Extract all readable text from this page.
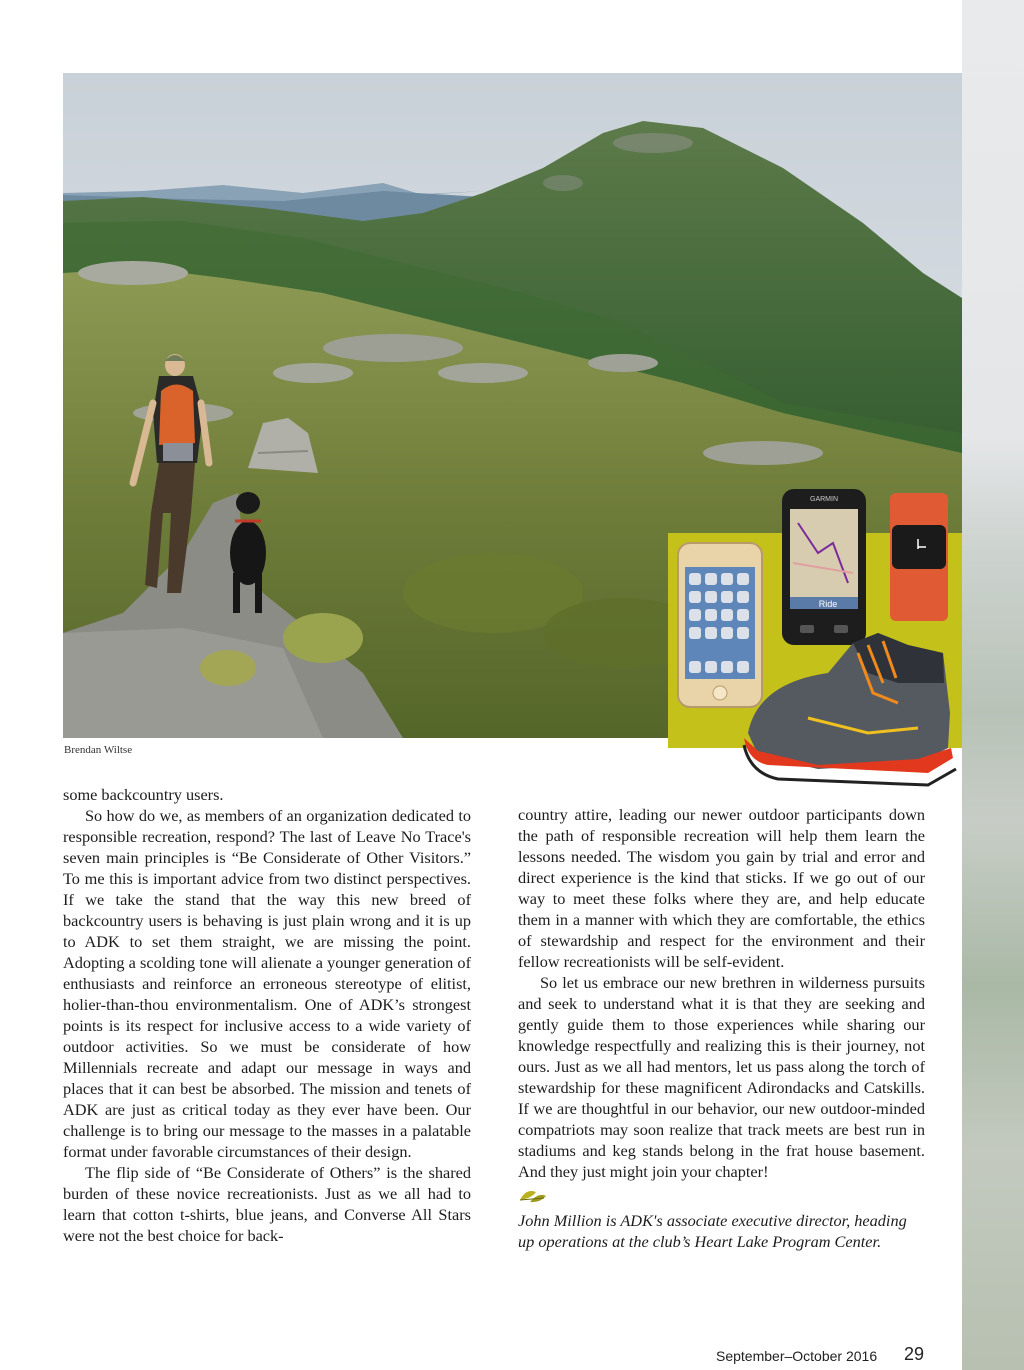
Brendan Wiltse
Ride
GARMIN

some backcountry users.

So how do we, as members of an organization dedicated to responsible recreation, respond? The last of Leave No Trace's seven main principles is “Be Considerate of Other Visitors.” To me this is important advice from two distinct perspectives. If we take the stand that the way this new breed of backcountry users is behaving is just plain wrong and it is up to ADK to set them straight, we are missing the point. Adopting a scolding tone will alienate a younger generation of enthusiasts and reinforce an erroneous stereotype of elitist, holier-than-thou environmentalism. One of ADK’s strongest points is its respect for inclusive access to a wide variety of outdoor activities. So we must be considerate of how Millennials recreate and adapt our message in ways and places that it can best be absorbed. The mission and tenets of ADK are just as critical today as they ever have been. Our challenge is to bring our message to the masses in a palatable format under favorable circumstances of their design.

The flip side of “Be Considerate of Others” is the shared burden of these novice recreationists. Just as we all had to learn that cotton t-shirts, blue jeans, and Converse All Stars were not the best choice for back-

country attire, leading our newer outdoor participants down the path of responsible recreation will help them learn the lessons needed. The wisdom you gain by trial and error and direct experience is the kind that sticks. If we go out of our way to meet these folks where they are, and help educate them in a manner with which they are comfortable, the ethics of stewardship and respect for the environment and their fellow recreationists will be self-evident.

So let us embrace our new brethren in wilderness pursuits and seek to understand what it is that they are seeking and gently guide them to those experiences while sharing our knowledge respectfully and realizing this is their journey, not ours. Just as we all had mentors, let us pass along the torch of stewardship for these magnificent Adirondacks and Catskills. If we are thoughtful in our behavior, our new outdoor-minded compatriots may soon realize that track meets are best run in stadiums and keg stands belong in the frat house basement. And they just might join your chapter!

John Million is ADK's associate executive director, heading up operations at the club’s Heart Lake Program Center.

September–October 2016 29
